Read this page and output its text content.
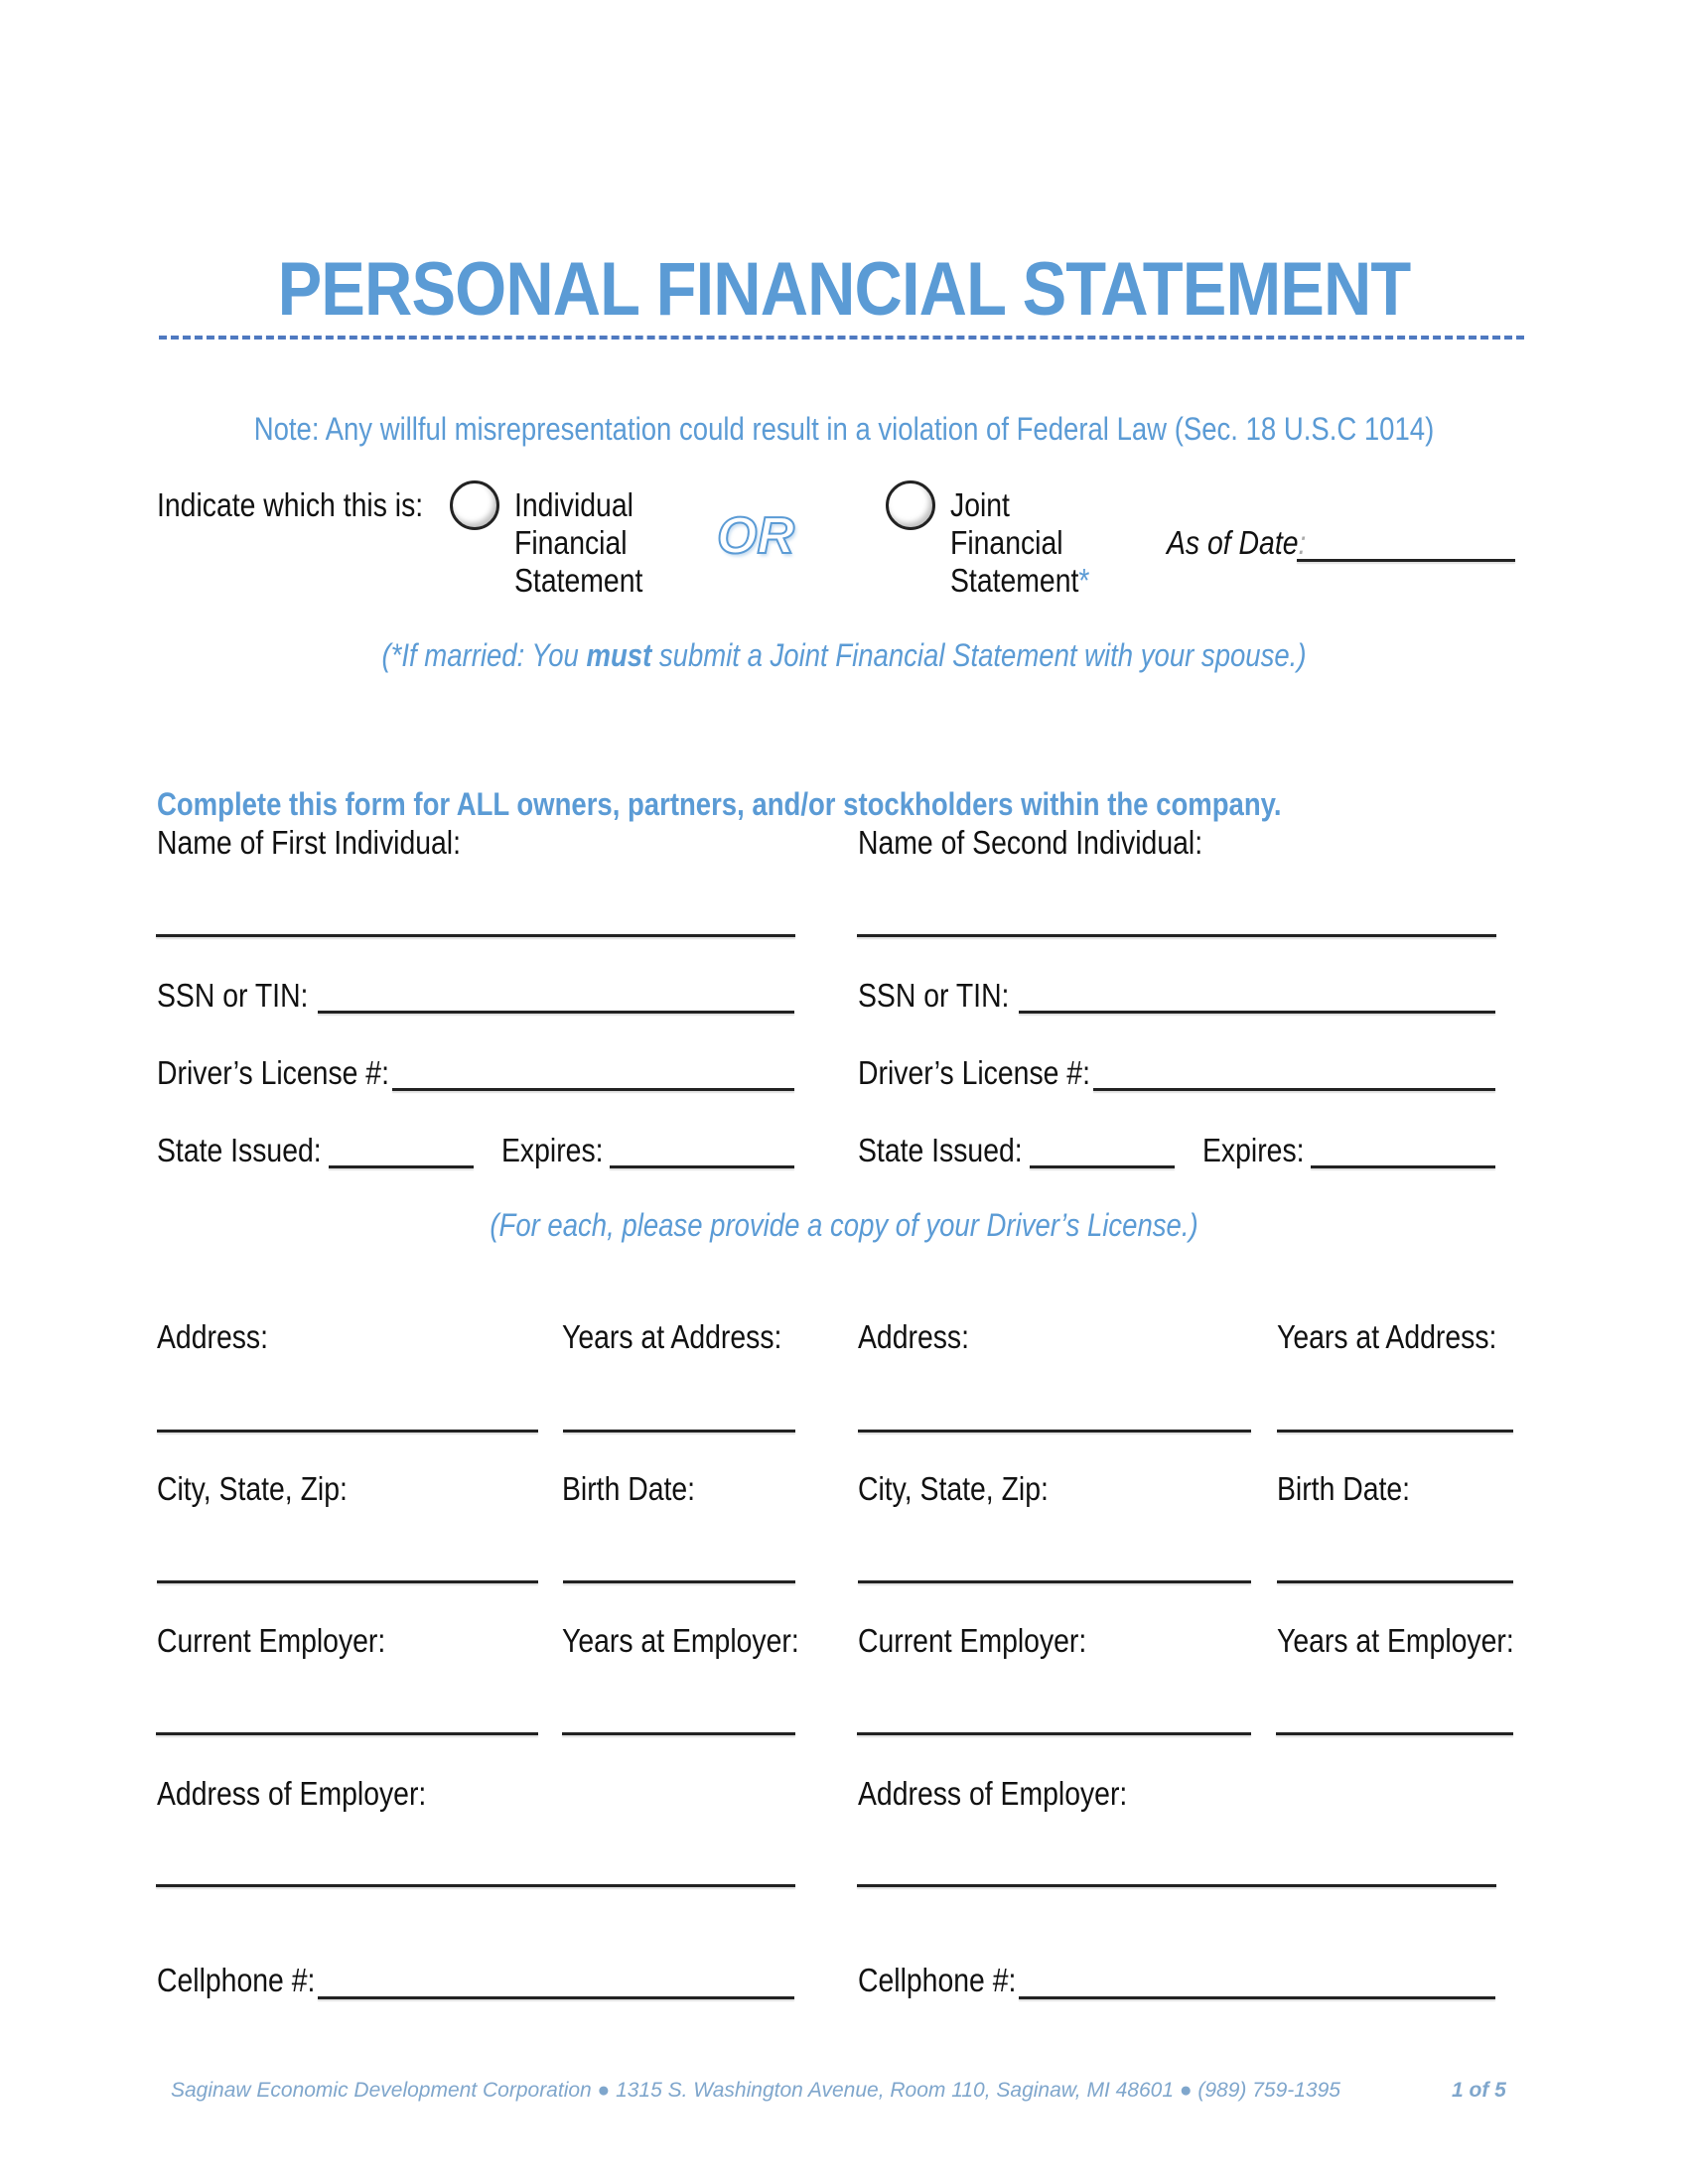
PERSONAL FINANCIAL STATEMENT
Note: Any willful misrepresentation could result in a violation of Federal Law (Sec. 18 U.S.C 1014)
Indicate which this is:	Individual
Financial
Statement
OR
Joint
Financial
Statement*
As of Date:
(*If married: You must submit a Joint Financial Statement with your spouse.)
Complete this form for ALL owners, partners, and/or stockholders within the company.
Name of First Individual:
SSN or TIN:
Driver’s License #:
State Issued:	Expires:
Name of Second Individual:
SSN or TIN:
Driver’s License #:
State Issued:	Expires:
(For each, please provide a copy of your Driver’s License.)
Address:	Years at Address: Address:	Years at Address:
City, State, Zip:	Birth Date:	City, State, Zip:	Birth Date:
Current Employer:	Years at Employer: Current Employer:	Years at Employer:
Address of Employer:	Address of Employer:
Cellphone #:	Cellphone #:
Saginaw Economic Development Corporation ● 1315 S. Washington Avenue, Room 110, Saginaw, MI 48601 ● (989) 759-1395	1 of 5
